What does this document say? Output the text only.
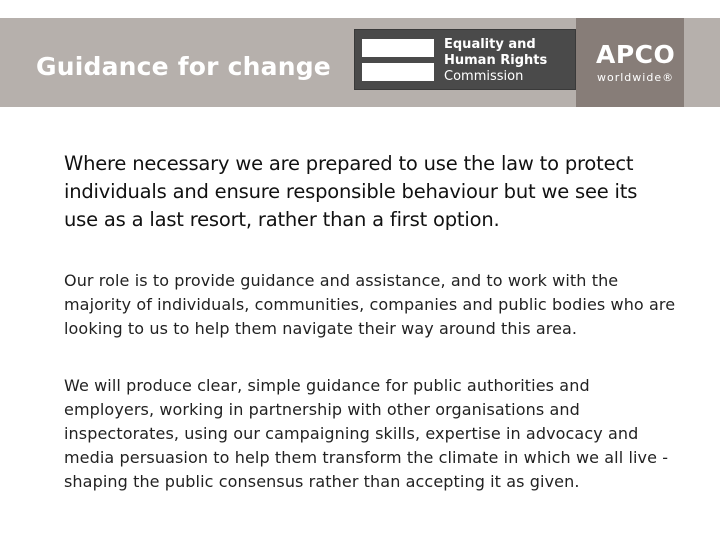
Guidance for change
Equality and
Human Rights
Commission
APCO
worldwide®

Where necessary we are prepared to use the law to protect individuals and ensure responsible behaviour but we see its use as a last resort, rather than a first option.

Our role is to provide guidance and assistance, and to work with the majority of individuals, communities, companies and public bodies who are looking to us to help them navigate their way around this area.

We will produce clear, simple guidance for public authorities and employers, working in partnership with other organisations and inspectorates, using our campaigning skills, expertise in advocacy and media persuasion to help them transform the climate in which we all live - shaping the public consensus rather than accepting it as given.
